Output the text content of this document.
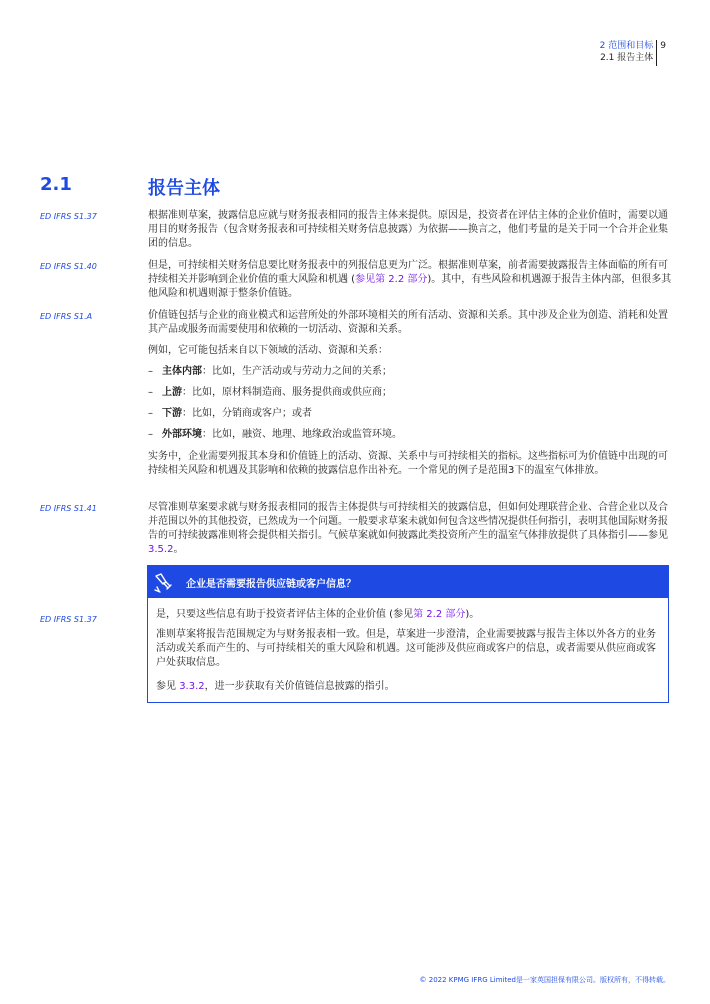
2 范围和目标
2.1 报告主体
9
2.1	报告主体
ED IFRS S1.37	根据准则草案，披露信息应就与财务报表相同的报告主体来提供。原因是，投资者在评估主体的企业价值时，需要以通用目的财务报告（包含财务报表和可持续相关财务信息披露）为依据——换言之，他们考量的是关于同一个合并企业集团的信息。

ED IFRS S1.40	但是，可持续相关财务信息要比财务报表中的列报信息更为广泛。根据准则草案，前者需要披露报告主体面临的所有可持续相关并影响到企业价值的重大风险和机遇 (参见第 2.2 部分)。其中，有些风险和机遇源于报告主体内部，但很多其他风险和机遇则源于整条价值链。

ED IFRS S1.A	价值链包括与企业的商业模式和运营所处的外部环境相关的所有活动、资源和关系。其中涉及企业为创造、消耗和处置其产品或服务而需要使用和依赖的一切活动、资源和关系。

例如，它可能包括来自以下领域的活动、资源和关系：

– 主体内部：比如，生产活动或与劳动力之间的关系；
– 上游：比如，原材料制造商、服务提供商或供应商；
– 下游：比如，分销商或客户；或者
– 外部环境：比如，融资、地理、地缘政治或监管环境。

实务中，企业需要列报其本身和价值链上的活动、资源、关系中与可持续相关的指标。这些指标可为价值链中出现的可持续相关风险和机遇及其影响和依赖的披露信息作出补充。一个常见的例子是范围3下的温室气体排放。

ED IFRS S1.41	尽管准则草案要求就与财务报表相同的报告主体提供与可持续相关的披露信息，但如何处理联营企业、合营企业以及合并范围以外的其他投资，已然成为一个问题。一般要求草案未就如何包含这些情况提供任何指引，表明其他国际财务报告的可持续披露准则将会提供相关指引。气候草案就如何披露此类投资所产生的温室气体排放提供了具体指引——参见3.5.2。

ED IFRS S1.37
企业是否需要报告供应链或客户信息？

是，只要这些信息有助于投资者评估主体的企业价值 (参见第 2.2 部分)。

准则草案将报告范围规定为与财务报表相一致。但是，草案进一步澄清，企业需要披露与报告主体以外各方的业务活动或关系而产生的、与可持续相关的重大风险和机遇。这可能涉及供应商或客户的信息，或者需要从供应商或客户处获取信息。

参见 3.3.2，进一步获取有关价值链信息披露的指引。

© 2022 KPMG IFRG Limited是一家英国担保有限公司。版权所有，不得转载。
